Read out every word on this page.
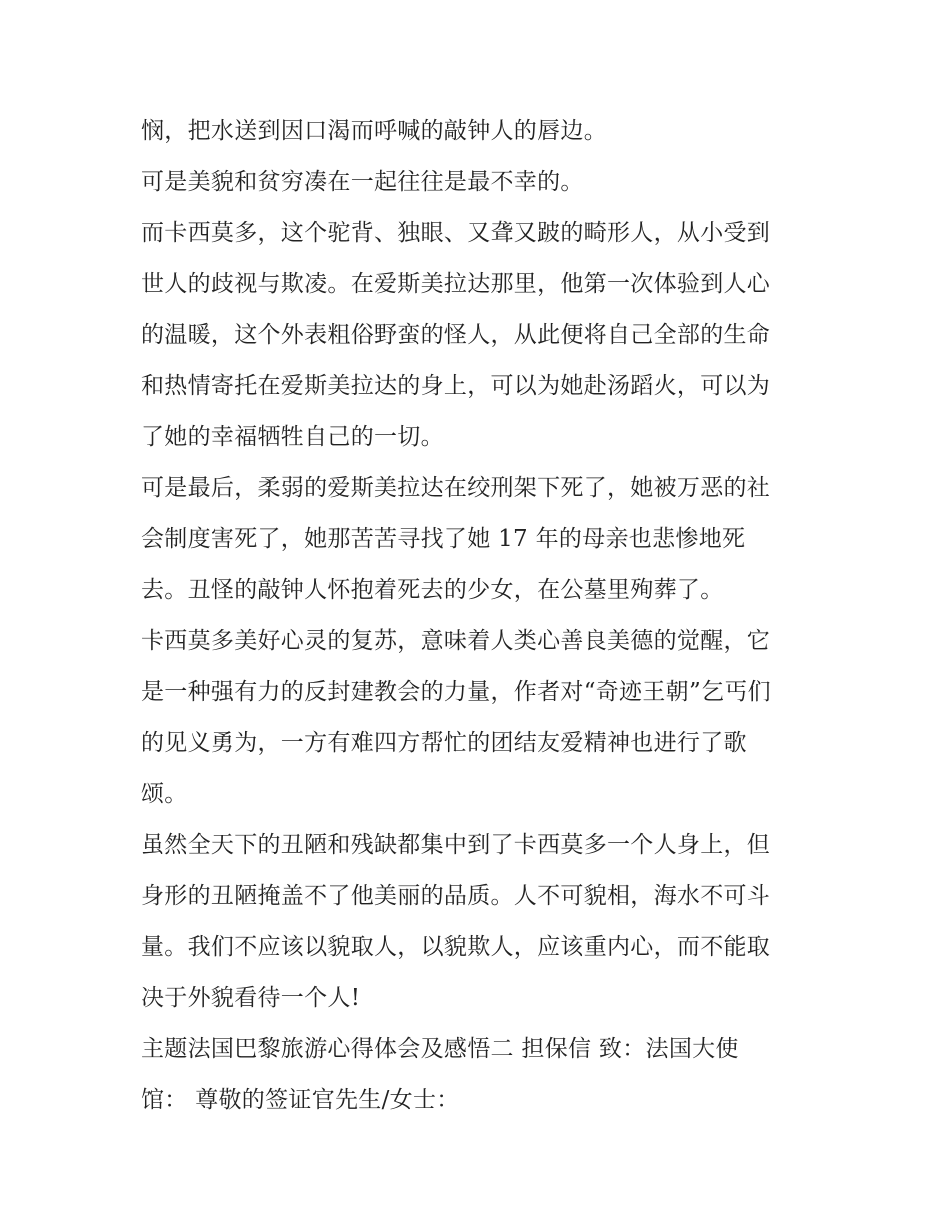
悯，把水送到因口渴而呼喊的敲钟人的唇边。
可是美貌和贫穷凑在一起往往是最不幸的。
而卡西莫多，这个驼背、独眼、又聋又跛的畸形人，从小受到
世人的歧视与欺凌。在爱斯美拉达那里，他第一次体验到人心
的温暖，这个外表粗俗野蛮的怪人，从此便将自己全部的生命
和热情寄托在爱斯美拉达的身上，可以为她赴汤蹈火，可以为
了她的幸福牺牲自己的一切。
可是最后，柔弱的爱斯美拉达在绞刑架下死了，她被万恶的社
会制度害死了，她那苦苦寻找了她 17 年的母亲也悲惨地死
去。丑怪的敲钟人怀抱着死去的少女，在公墓里殉葬了。
卡西莫多美好心灵的复苏，意味着人类心善良美德的觉醒，它
是一种强有力的反封建教会的力量，作者对“奇迹王朝”乞丐们
的见义勇为，一方有难四方帮忙的团结友爱精神也进行了歌
颂。
虽然全天下的丑陋和残缺都集中到了卡西莫多一个人身上，但
身形的丑陋掩盖不了他美丽的品质。人不可貌相，海水不可斗
量。我们不应该以貌取人，以貌欺人，应该重内心，而不能取
决于外貌看待一个人!
主题法国巴黎旅游心得体会及感悟二 担保信 致：法国大使
馆： 尊敬的签证官先生/女士：
